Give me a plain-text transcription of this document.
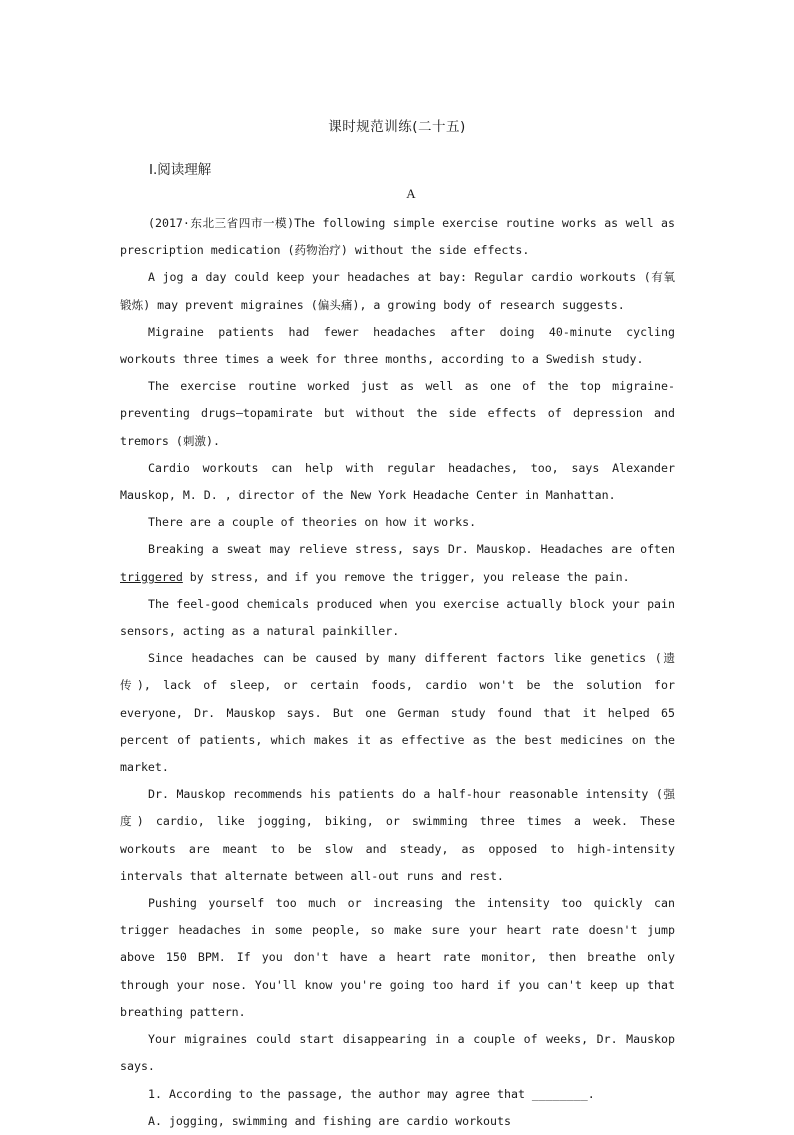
课时规范训练(二十五)
Ⅰ.阅读理解
A

(2017·东北三省四市一模)The following simple exercise routine works as well as prescription medication (药物治疗) without the side effects.

A jog a day could keep your headaches at bay: Regular cardio workouts (有氧锻炼) may prevent migraines (偏头痛), a growing body of research suggests.

Migraine patients had fewer headaches after doing 40-minute cycling workouts three times a week for three months, according to a Swedish study.

The exercise routine worked just as well as one of the top migraine-preventing drugs—topamirate but without the side effects of depression and tremors (刺激).

Cardio workouts can help with regular headaches, too, says Alexander Mauskop, M. D. , director of the New York Headache Center in Manhattan.

There are a couple of theories on how it works.

Breaking a sweat may relieve stress, says Dr. Mauskop. Headaches are often triggered by stress, and if you remove the trigger, you release the pain.

The feel-good chemicals produced when you exercise actually block your pain sensors, acting as a natural painkiller.

Since headaches can be caused by many different factors like genetics (遗传), lack of sleep, or certain foods, cardio won't be the solution for everyone, Dr. Mauskop says. But one German study found that it helped 65 percent of patients, which makes it as effective as the best medicines on the market.

Dr. Mauskop recommends his patients do a half-hour reasonable intensity (强度) cardio, like jogging, biking, or swimming three times a week. These workouts are meant to be slow and steady, as opposed to high-intensity intervals that alternate between all-out runs and rest.

Pushing yourself too much or increasing the intensity too quickly can trigger headaches in some people, so make sure your heart rate doesn't jump above 150 BPM. If you don't have a heart rate monitor, then breathe only through your nose. You'll know you're going too hard if you can't keep up that breathing pattern.

Your migraines could start disappearing in a couple of weeks, Dr. Mauskop says.

1. According to the passage, the author may agree that ________.

A. jogging, swimming and fishing are cardio workouts
